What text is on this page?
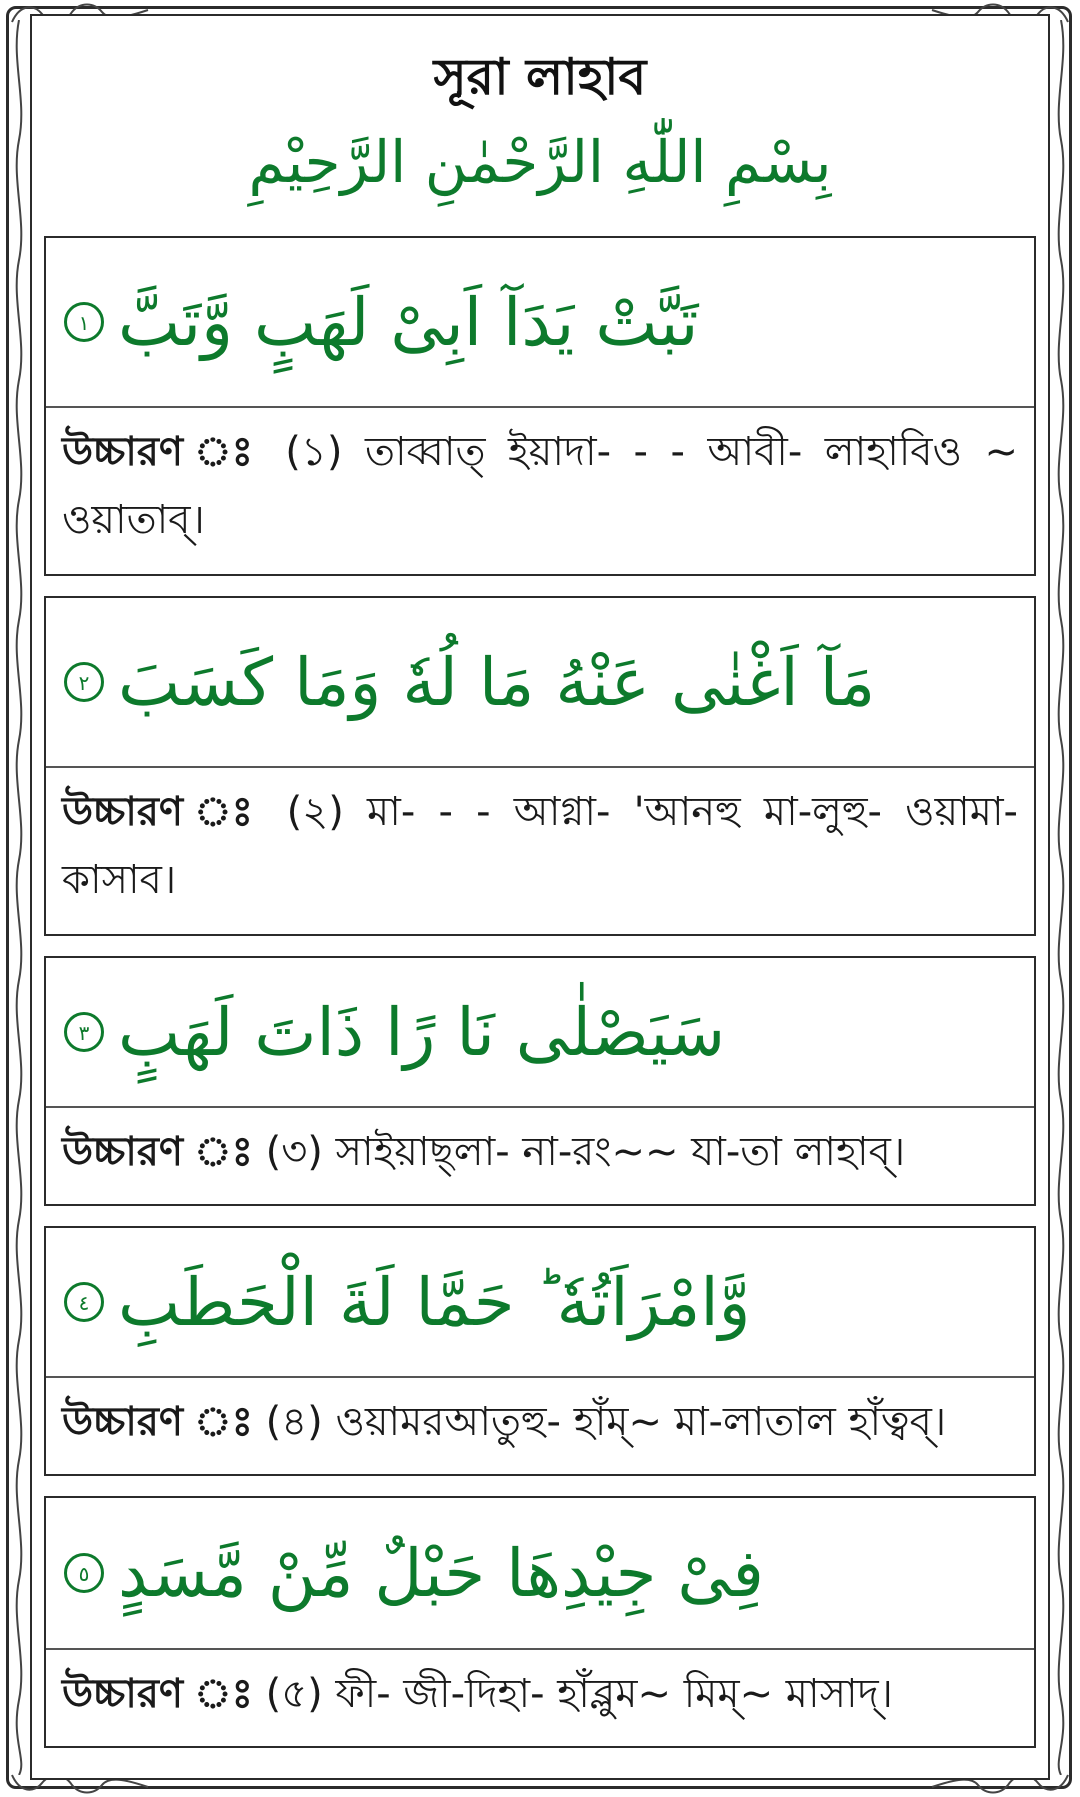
সূরা লাহাব
بِسْمِ اللّٰهِ الرَّحْمٰنِ الرَّحِيْمِ
تَبَّتْ يَدَآ اَبِىْ لَهَبٍ وَّتَبَّ
١
উচ্চারণ ঃ (১) তাব্বাত্ ইয়াদা- - - আবী- লাহাবিও ~ ওয়াতাব্।
مَآ اَغْنٰى عَنْهُ مَا لُهٗ وَمَا كَسَبَ
٢
উচ্চারণ ঃ (২) মা- - - আগ্না- 'আনহু মা-লুহু- ওয়ামা- কাসাব।
سَيَصْلٰى نَا رًا ذَاتَ لَهَبٍ
٣
উচ্চারণ ঃ (৩) সাইয়াছ্লা- না-রং~~ যা-তা লাহাব্।
وَّامْرَاَتُهٗ ؕ حَمَّا لَةَ الْحَطَبِ
٤
উচ্চারণ ঃ (৪) ওয়ামরআতুহু- হাঁম্~ মা-লাতাল হাঁত্বব্।
فِىْ جِيْدِهَا حَبْلٌ مِّنْ مَّسَدٍ
٥
উচ্চারণ ঃ (৫) ফী- জী-দিহা- হাঁব্লুম~ মিম্~ মাসাদ্।
